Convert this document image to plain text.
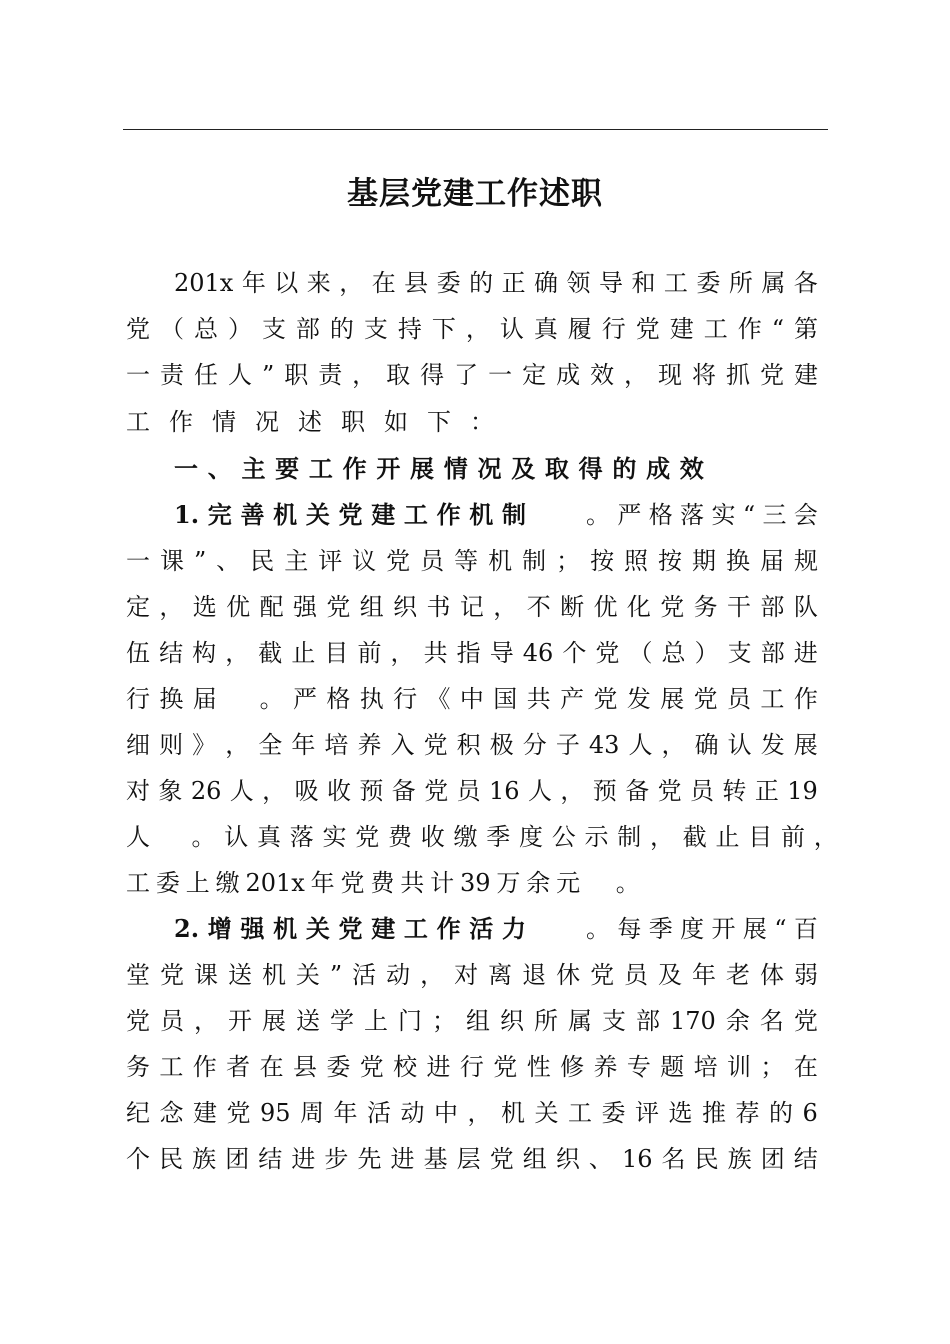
基层党建工作述职
201x 年 以 来 ， 在 县 委 的 正 确 领 导 和 工 委 所 属 各
党 （ 总 ） 支 部 的 支 持 下 ， 认 真 履 行 党 建 工 作 “ 第
一 责 任 人 ” 职 责 ， 取 得 了 一 定 成 效 ， 现 将 抓 党 建
工 作 情 况 述 职 如 下 ：
一 、 主 要 工 作 开 展 情 况 及 取 得 的 成 效
1. 完 善 机 关 党 建 工 作 机 制	。 严 格 落 实 “ 三 会
一 课 ” 、 民 主 评 议 党 员 等 机 制 ； 按 照 按 期 换 届 规
定 ， 选 优 配 强 党 组 织 书 记 ， 不 断 优 化 党 务 干 部 队
伍 结 构 ， 截 止 目 前 ， 共 指 导 46 个 党 （ 总 ） 支 部 进
行 换 届
　 。 严 格 执 行 《 中 国 共 产 党 发 展 党 员 工 作
细 则 》 ， 全 年 培 养 入 党 积 极 分 子 43 人 ， 确 认 发 展
对 象 26 人 ， 吸 收 预 备 党 员 16 人 ， 预 备 党 员 转 正 19
人
　 。 认 真 落 实 党 费 收 缴 季 度 公 示 制 ， 截 止 目 前 ，
工 委 上 缴 201x 年 党 费 共 计 39 万 余 元
　 。
2. 增 强 机 关 党 建 工 作 活 力	。 每 季 度 开 展 “ 百
堂 党 课 送 机 关 ” 活 动 ， 对 离 退 休 党 员 及 年 老 体 弱
党 员 ， 开 展 送 学 上 门 ； 组 织 所 属 支 部 170 余 名 党
务 工 作 者 在 县 委 党 校 进 行 党 性 修 养 专 题 培 训 ； 在
纪 念 建 党 95 周 年 活 动 中 ， 机 关 工 委 评 选 推 荐 的 6
个 民 族 团 结 进 步 先 进 基 层 党 组 织 、 16 名 民 族 团 结
